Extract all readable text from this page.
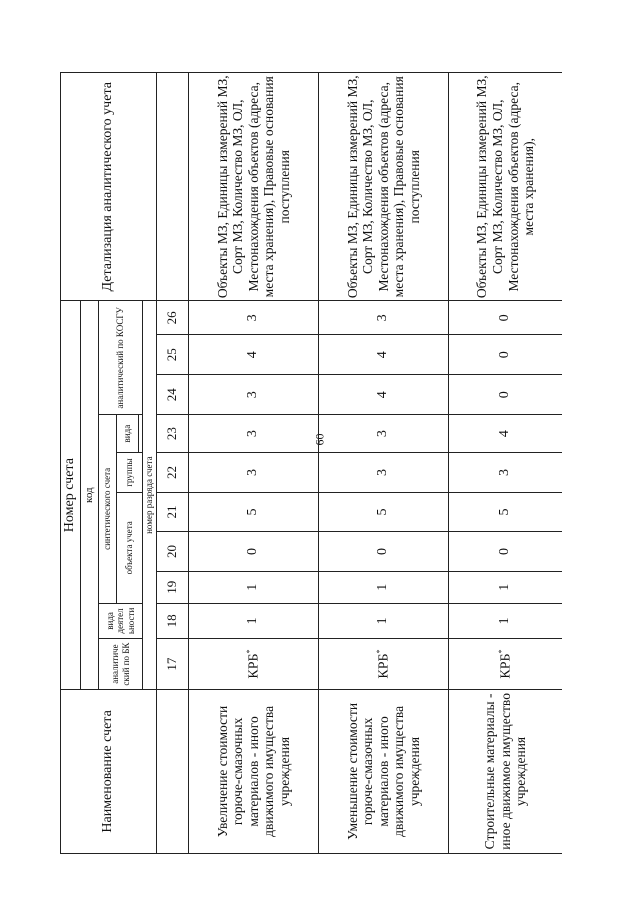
60
Наименование счета	Номер счета										Детализация аналитического учета
	код										
	аналитиче ский по БК	вида деятел ьности	синтетического счета					аналитический по КОСГУ			
			объекта учета			группы	вида				

	номер разряда счета										
	17	18	19	20	21	22	23	24	25	26	
Увеличение стоимости горюче-смазочных материалов - иного движимого имущества учреждения	КРБ*	1	1	0	5	3	3	3	4	3	Объекты МЗ, Единицы измерений МЗ, Сорт МЗ, Количество МЗ, ОЛ, Местонахождения объектов (адреса, места хранения), Правовые основания поступления
Уменьшение стоимости горюче-смазочных материалов - иного движимого имущества учреждения	КРБ*	1	1	0	5	3	3	4	4	3	Объекты МЗ, Единицы измерений МЗ, Сорт МЗ, Количество МЗ, ОЛ, Местонахождения объектов (адреса, места хранения), Правовые основания поступления
Строительные материалы - иное движимое имущество учреждения	КРБ*	1	1	0	5	3	4	0	0	0	Объекты МЗ, Единицы измерений МЗ, Сорт МЗ, Количество МЗ, ОЛ, Местонахождения объектов (адреса, места хранения),
